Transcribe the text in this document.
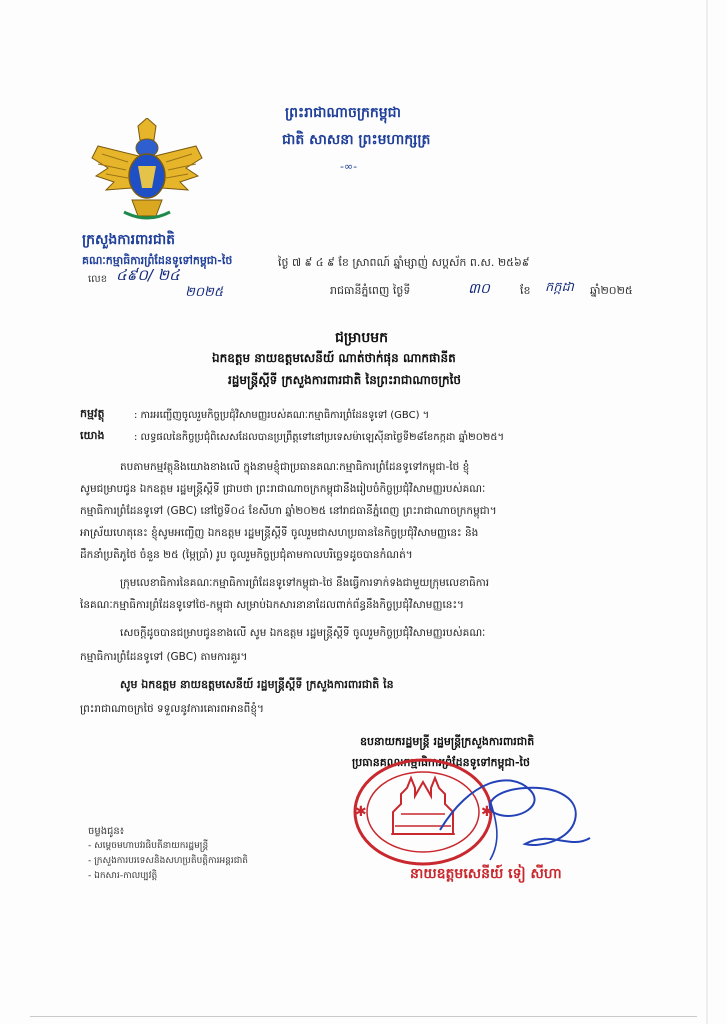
ព្រះរាជាណាចក្រកម្ពុជា
ជាតិ សាសនា ព្រះមហាក្សត្រ
-∞-
ក្រសួងការពារជាតិ
គណៈកម្មាធិការព្រំដែនទូទៅកម្ពុជា-ថៃ
លេខ ៤៩០/ ២៤
២០២៥
ថ្ងៃ ៧ ៩ ៤ ៩ ខែ ស្រាពណ៍ ឆ្នាំម្សាញ់ សប្តស័ក ព.ស. ២៥៦៩
រាជធានីភ្នំពេញ ថ្ងៃទី	៣០	ខែ កក្កដា ឆ្នាំ២០២៥
ជម្រាបមក
ឯកឧត្តម នាយឧត្តមសេនីយ៍ ណាត់ថាក់ផុន ណាកផានីត
រដ្ឋមន្ត្រីស្តីទី ក្រសួងការពារជាតិ នៃព្រះរាជាណាចក្រថៃ
កម្មវត្ថុ	: ការអញ្ជើញចូលរួមកិច្ចប្រជុំវិសាមញ្ញរបស់គណៈកម្មាធិការព្រំដែនទូទៅ (GBC) ។
យោង	: លទ្ធផលនៃកិច្ចប្រជុំពិសេសដែលបានប្រព្រឹត្តទៅនៅប្រទេសម៉ាឡេស៊ីនាថ្ងៃទី២៨ខែកក្កដា ឆ្នាំ២០២៥។
តបតាមកម្មវត្ថុនិងយោងខាងលើ ក្នុងនាមខ្ញុំជាប្រធានគណៈកម្មាធិការព្រំដែនទូទៅកម្ពុជា-ថៃ ខ្ញុំ
សូមជម្រាបជូន ឯកឧត្តម រដ្ឋមន្ត្រីស្តីទី ជ្រាបថា ព្រះរាជាណាចក្រកម្ពុជានឹងរៀបចំកិច្ចប្រជុំវិសាមញ្ញរបស់គណៈ
កម្មាធិការព្រំដែនទូទៅ (GBC) នៅថ្ងៃទី០៤ ខែសីហា ឆ្នាំ២០២៥ នៅរាជធានីភ្នំពេញ ព្រះរាជាណាចក្រកម្ពុជា។
អាស្រ័យហេតុនេះ ខ្ញុំសូមអញ្ជើញ ឯកឧត្តម រដ្ឋមន្ត្រីស្តីទី ចូលរួមជាសហប្រធាននៃកិច្ចប្រជុំវិសាមញ្ញនេះ និង
ដឹកនាំប្រតិភូថៃ ចំនួន ២៥ (ម្ភៃប្រាំ) រូប ចូលរួមកិច្ចប្រជុំតាមកាលបរិច្ឆេទដូចបានកំណត់។
ក្រុមលេខាធិការនៃគណៈកម្មាធិការព្រំដែនទូទៅកម្ពុជា-ថៃ នឹងធ្វើការទាក់ទងជាមួយក្រុមលេខាធិការ
នៃគណៈកម្មាធិការព្រំដែនទូទៅថៃ-កម្ពុជា សម្រាប់ឯកសារនានាដែលពាក់ព័ន្ធនឹងកិច្ចប្រជុំវិសាមញ្ញនេះ។
សេចក្តីដូចបានជម្រាបជូនខាងលើ សូម ឯកឧត្តម រដ្ឋមន្ត្រីស្តីទី ចូលរួមកិច្ចប្រជុំវិសាមញ្ញរបស់គណៈ
កម្មាធិការព្រំដែនទូទៅ (GBC) តាមការគួរ។
សូម ឯកឧត្តម នាយឧត្តមសេនីយ៍ រដ្ឋមន្ត្រីស្តីទី ក្រសួងការពារជាតិ នៃ
ព្រះរាជាណាចក្រថៃ ទទួលនូវការគោរពអានពីខ្ញុំ។
ឧបនាយករដ្ឋមន្ត្រី រដ្ឋមន្ត្រីក្រសួងការពារជាតិ
ប្រធានគណៈកម្មាធិការព្រំដែនទូទៅកម្ពុជា-ថៃ
✱	✱
នាយឧត្តមសេនីយ៍ ទៀ សីហា
ចម្លងជូន៖
- សម្តេចមហាបវរធិបតីនាយករដ្ឋមន្ត្រី
- ក្រសួងការបរទេសនិងសហប្រតិបត្តិការអន្តរជាតិ
- ឯកសារ-កាលប្បវត្តិ
